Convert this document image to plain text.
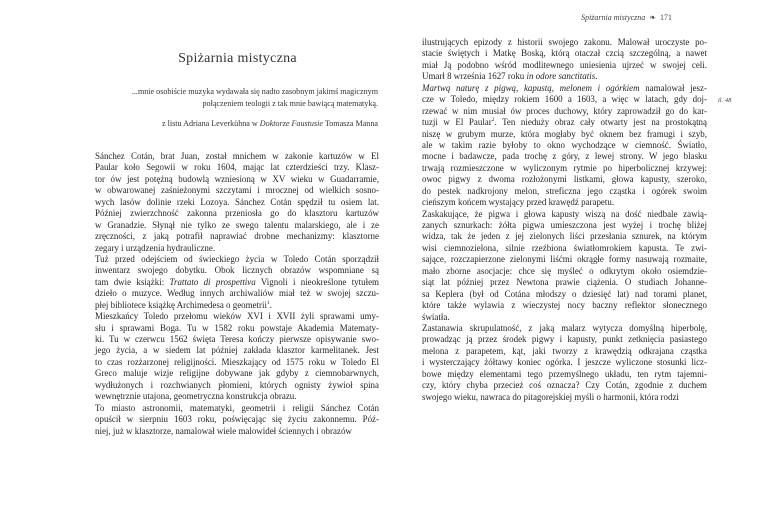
Spiżarnia mistyczna
...mnie osobiście muzyka wydawała się nadto zasobnym jakimś magicznym
połączeniem teologii z tak mnie bawiącą matematyką.
z listu Adriana Leverkühna w Doktorze Faustusie Tomasza Manna
Sánchez Cotán, brat Juan, został mnichem w zakonie kartuzów w El
Paular koło Segowii w roku 1604, mając lat czterdzieści trzy. Klasz-
tor ów jest potężną budowlą wzniesioną w XV wieku w Guadarramie,
w obwarowanej zaśnieżonymi szczytami i mrocznej od wielkich sosno-
wych lasów dolinie rzeki Lozoya. Sánchez Cotán spędził tu osiem lat.
Później zwierzchność zakonna przeniosła go do klasztoru kartuzów
w Granadzie. Słynął nie tylko ze swego talentu malarskiego, ale i ze
zręczności, z jaką potrafił naprawiać drobne mechanizmy: klasztorne
zegary i urządzenia hydrauliczne.
Tuż przed odejściem od świeckiego życia w Toledo Cotán sporządził
inwentarz swojego dobytku. Obok licznych obrazów wspomniane są
tam dwie książki: Trattato di prospettiva Vignoli i nieokreślone tytułem
dzieło o muzyce. Według innych archiwaliów miał też w swojej szczu-
płej bibliotece książkę Archimedesa o geometrii$^1$.
Mieszkańcy Toledo przełomu wieków XVI i XVII żyli sprawami umy-
słu i sprawami Boga. Tu w 1582 roku powstaje Akademia Matematy-
ki. Tu w czerwcu 1562 święta Teresa kończy pierwsze opisywanie swo-
jego życia, a w siedem lat później zakłada klasztor karmelitanek. Jest
to czas rozżarzonej religijności. Mieszkający od 1575 roku w Toledo El
Greco maluje wizje religijne dobywane jak gdyby z ciemnobarwnych,
wydłużonych i rozchwianych płomieni, których ognisty żywioł spina
wewnętrznie utajona, geometryczna konstrukcja obrazu.
To miasto astronomii, matematyki, geometrii i religii Sánchez Cotán
opuścił w sierpniu 1603 roku, poświęcając się życiu zakonnemu. Póź-
niej, już w klasztorze, namalował wiele malowideł ściennych i obrazów
Spiżarnia mistyczna ❧ 171
il. 48
ilustrujących epizody z historii swojego zakonu. Malował uroczyste po-
stacie świętych i Matkę Boską, którą otaczał czcią szczególną, a nawet
miał Ją podobno wśród modlitewnego uniesienia ujrzeć w swojej celi.
Umarł 8 września 1627 roku in odore sanctitatis.
Martwą naturę z pigwą, kapustą, melonem i ogórkiem namalował jesz-
cze w Toledo, między rokiem 1600 a 1603, a więc w latach, gdy doj-
rzewać w nim musiał ów proces duchowy, który zaprowadził go do kar-
tuzji w El Paular$^2$. Ten nieduży obraz cały otwarty jest na prostokątną
niszę w grubym murze, która mogłaby być oknem bez framugi i szyb,
ale w takim razie byłoby to okno wychodzące w ciemność. Światło,
mocne i badawcze, pada trochę z góry, z lewej strony. W jego blasku
trwają rozmieszczone w wyliczonym rytmie po hiperbolicznej krzywej:
owoc pigwy z dwoma rozłożonymi listkami, głowa kapusty, szeroko,
do pestek nadkrojony melon, streficzna jego cząstka i ogórek swoim
cieńszym końcem wystający przed krawędź parapetu.
Zaskakujące, że pigwa i głowa kapusty wiszą na dość niedbale zawią-
zanych sznurkach: żółta pigwa umieszczona jest wyżej i trochę bliżej
widza, tak że jeden z jej zielonych liści przesłania sznurek, na którym
wisi ciemnozielona, silnie rzeźbiona światłomrokiem kapusta. Te zwi-
sające, rozczapierzone zielonymi liśćmi okrągłe formy nasuwają rozmaite,
mało zborne asocjacje: chce się myśleć o odkrytym około osiemdzie-
siąt lat później przez Newtona prawie ciążenia. O studiach Johanne-
sa Keplera (był od Cotána młodszy o dziesięć lat) nad torami planet,
które także wylawia z wieczystej nocy baczny reflektor słonecznego
światła.
Zastanawia skrupulatność, z jaką malarz wytycza domyślną hiperbolę,
prowadząc ją przez środek pigwy i kapusty, punkt zetknięcia pasiastego
melona z parapetem, kąt, jaki tworzy z krawędzią odkrajana cząstka
i wysterczający żółtawy koniec ogórka. I jeszcze wyliczone stosunki licz-
bowe między elementami tego przemyślnego układu, ten rytm tajemni-
czy, który chyba przecież coś oznacza? Czy Cotán, zgodnie z duchem
swojego wieku, nawraca do pitagorejskiej myśli o harmonii, która rodzi
